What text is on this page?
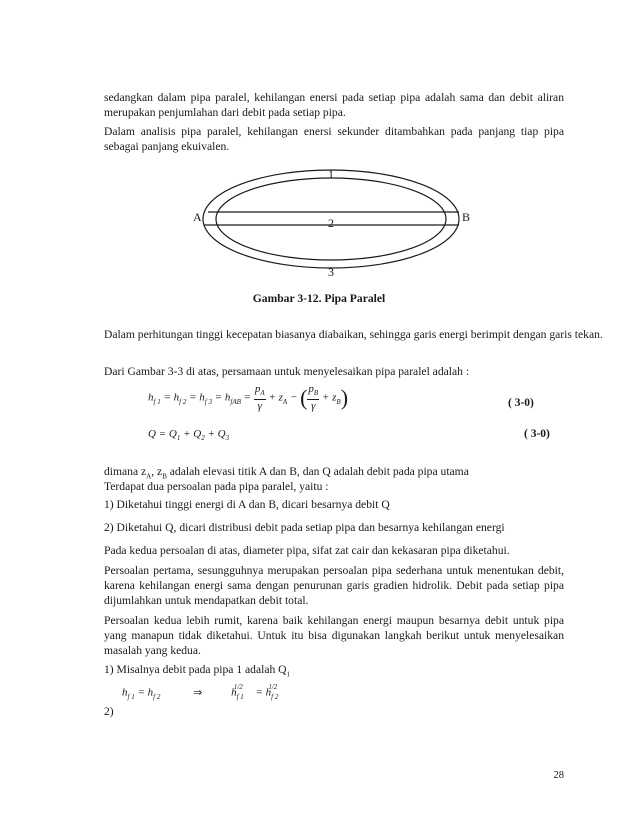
sedangkan dalam pipa paralel, kehilangan enersi pada setiap pipa adalah sama dan debit aliran merupakan penjumlahan dari debit pada setiap pipa.

Dalam analisis pipa paralel, kehilangan enersi sekunder ditambahkan pada panjang tiap pipa sebagai panjang ekuivalen.

1
2
3
A	B
Gambar 3-12. Pipa Paralel

Dalam perhitungan tinggi kecepatan biasanya diabaikan, sehingga garis energi berimpit dengan garis tekan.

Dari Gambar 3-3 di atas, persamaan untuk menyelesaikan pipa paralel adalah :

$h_{f 1} = h_{f 2} = h_{f 3} = h_{fAB} = \frac{p_A}{\gamma} + z_A$ − ( $\frac{p_B}{\gamma} + z_B$)	( 3-0)
$Q = Q_1 + Q_2 + Q_3$	( 3-0)

dimana $z_A$, $z_B$ adalah elevasi titik A dan B, dan Q adalah debit pada pipa utama

Terdapat dua persoalan pada pipa paralel, yaitu :

1) Diketahui tinggi energi di A dan B, dicari besarnya debit Q

2) Diketahui Q, dicari distribusi debit pada setiap pipa dan besarnya kehilangan energi

Pada kedua persoalan di atas, diameter pipa, sifat zat cair dan kekasaran pipa diketahui.

Persoalan pertama, sesungguhnya merupakan persoalan pipa sederhana untuk menentukan debit, karena kehilangan energi sama dengan penurunan garis gradien hidrolik. Debit pada setiap pipa dijumlahkan untuk mendapatkan debit total.

Persoalan kedua lebih rumit, karena baik kehilangan energi maupun besarnya debit untuk pipa yang manapun tidak diketahui. Untuk itu bisa digunakan langkah berikut untuk menyelesaikan masalah yang kedua.

1) Misalnya debit pada pipa 1 adalah $Q_1$

2)

$h_{f 1} = h_{f 2}$	⇒ $h_{f 1}^{1/2} = h_{f 2}^{1/2}$
28
